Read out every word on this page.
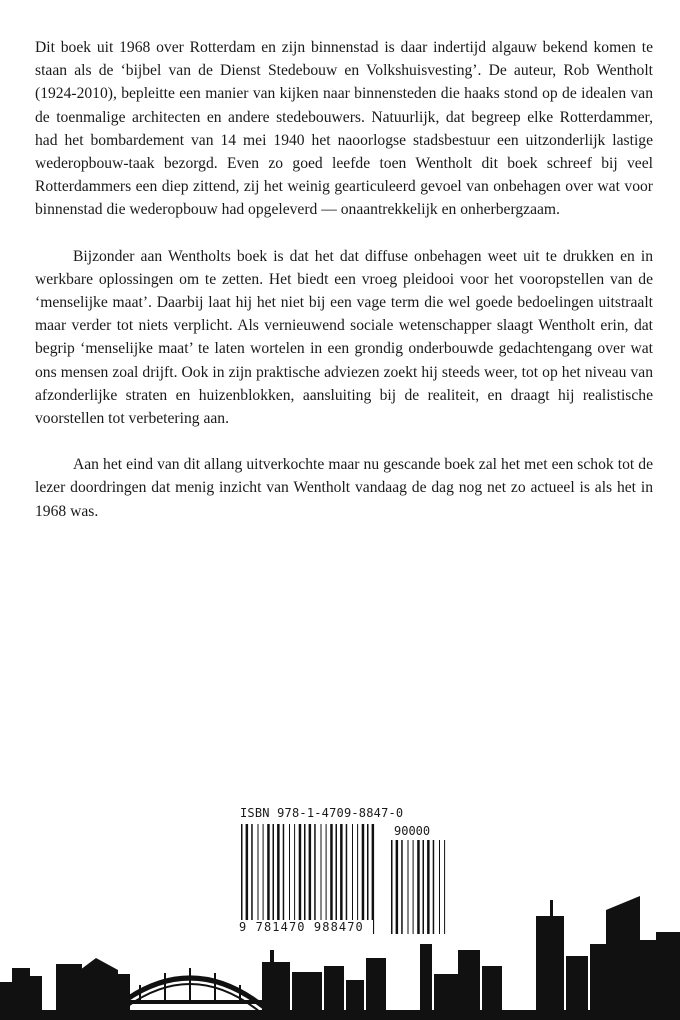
Dit boek uit 1968 over Rotterdam en zijn binnenstad is daar indertijd algauw bekend komen te staan als de ‘bijbel van de Dienst Stedebouw en Volkshuisvesting’. De auteur, Rob Wentholt (1924-2010), bepleitte een manier van kijken naar binnensteden die haaks stond op de idealen van de toenmalige architecten en andere stedebouwers. Natuurlijk, dat begreep elke Rotterdammer, had het bombardement van 14 mei 1940 het naoorlogse stadsbestuur een uitzonderlijk lastige wederopbouw-taak bezorgd. Even zo goed leefde toen Wentholt dit boek schreef bij veel Rotterdammers een diep zittend, zij het weinig gearticuleerd gevoel van onbehagen over wat voor binnenstad die wederopbouw had opgeleverd — onaantrekkelijk en onherbergzaam.

Bijzonder aan Wentholts boek is dat het dat diffuse onbehagen weet uit te drukken en in werkbare oplossingen om te zetten. Het biedt een vroeg pleidooi voor het vooropstellen van de ‘menselijke maat’. Daarbij laat hij het niet bij een vage term die wel goede bedoelingen uitstraalt maar verder tot niets verplicht. Als vernieuwend sociale wetenschapper slaagt Wentholt erin, dat begrip ‘menselijke maat’ te laten wortelen in een grondig onderbouwde gedachtengang over wat ons mensen zoal drijft. Ook in zijn praktische adviezen zoekt hij steeds weer, tot op het niveau van afzonderlijke straten en huizenblokken, aansluiting bij de realiteit, en draagt hij realistische voorstellen tot verbetering aan.

Aan het eind van dit allang uitverkochte maar nu gescande boek zal het met een schok tot de lezer doordringen dat menig inzicht van Wentholt vandaag de dag nog net zo actueel is als het in 1968 was.

ISBN 978-1-4709-8847-0
90000
9 781470 988470
